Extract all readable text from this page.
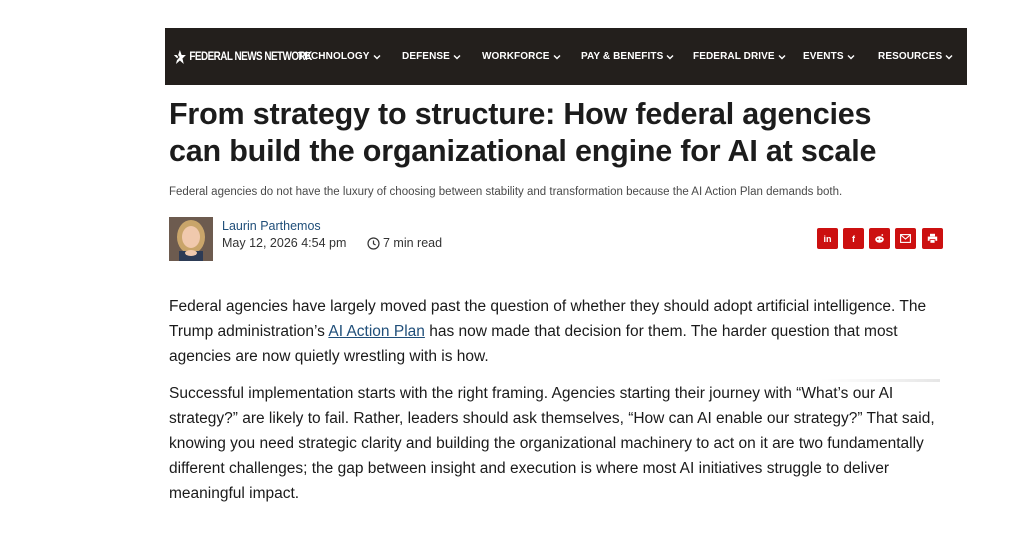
FEDERAL NEWS NETWORK
TECHNOLOGY	DEFENSE	WORKFORCE	PAY & BENEFITS	FEDERAL DRIVE	EVENTS	RESOURCES
From strategy to structure: How federal agencies can build the organizational engine for AI at scale

Federal agencies do not have the luxury of choosing between stability and transformation because the AI Action Plan demands both.

Laurin Parthemos
May 12, 2026 4:54 pm	7 min read	in f

Federal agencies have largely moved past the question of whether they should adopt artificial intelligence. The Trump administration’s AI Action Plan has now made that decision for them. The harder question that most agencies are now quietly wrestling with is how.

Successful implementation starts with the right framing. Agencies starting their journey with “What’s our AI strategy?” are likely to fail. Rather, leaders should ask themselves, “How can AI enable our strategy?” That said, knowing you need strategic clarity and building the organizational machinery to act on it are two fundamentally different challenges; the gap between insight and execution is where most AI initiatives struggle to deliver meaningful impact.
